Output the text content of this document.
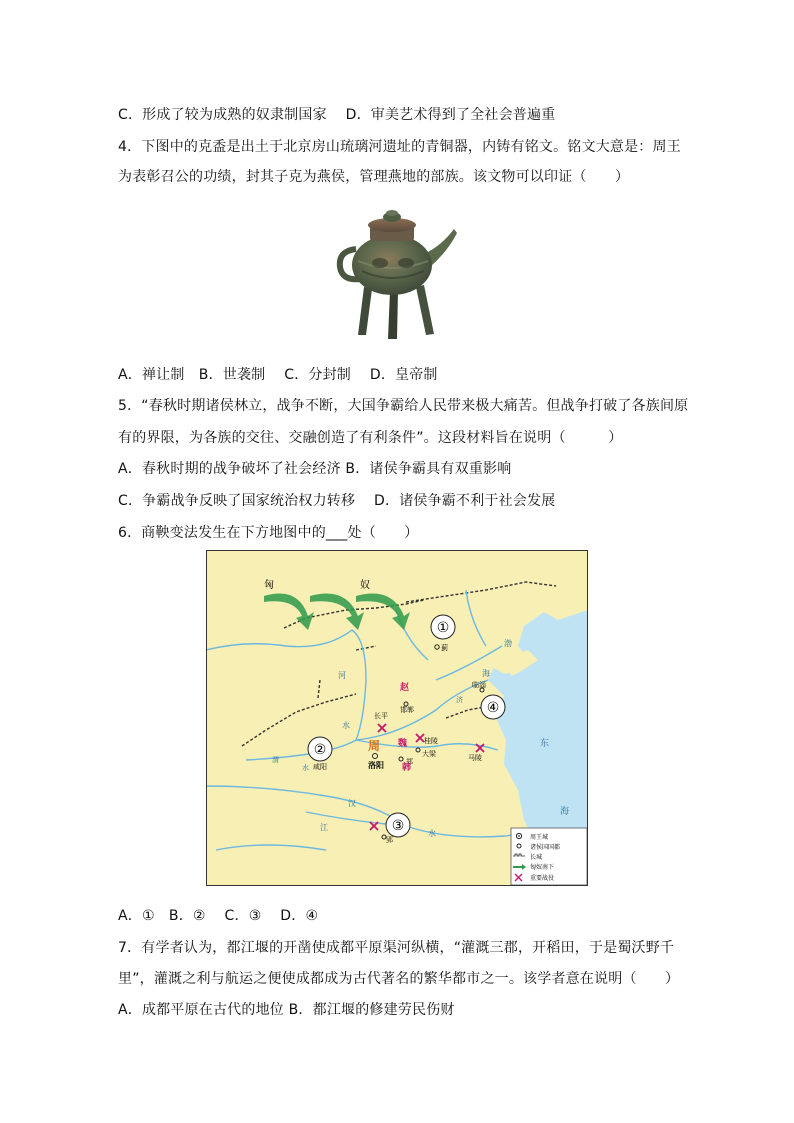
C．形成了较为成熟的奴隶制国家　 D．审美艺术得到了全社会普遍重
4．下图中的克盉是出土于北京房山琉璃河遗址的青铜器，内铸有铭文。铭文大意是：周王
为表彰召公的功绩，封其子克为燕侯，管理燕地的部族。该文物可以印证（　　）
A．禅让制　B．世袭制　 C．分封制　 D．皇帝制
5．“春秋时期诸侯林立，战争不断，大国争霸给人民带来极大痛苦。但战争打破了各族间原
有的界限，为各族的交往、交融创造了有利条件”。这段材料旨在说明（　　　）
A．春秋时期的战争破坏了社会经济 B．诸侯争霸具有双重影响
C．争霸战争反映了国家统治权力转移　 D．诸侯争霸不利于社会发展
6．商鞅变法发生在下方地图中的___处（　　）
A．①　B．②　 C．③　 D．④
7．有学者认为，都江堰的开凿使成都平原渠河纵横，“灌溉三郡，开稻田，于是蜀沃野千
里”，灌溉之利与航运之便使成都成为古代著名的繁华都市之一。该学者意在说明（　　）
A．成都平原在古代的地位 B．都江堰的修建劳民伤财
匈	奴
①
②
③
④
蓟	渤
海
河
水
济
临淄
赵
长平
邯郸
桂陵
魏
大梁
周
洛阳	郑
韩
咸阳
渭
水
马陵
东
海
汉
江
水
郢	周王城
诸侯国国都
长城
匈奴南下
重要战役
